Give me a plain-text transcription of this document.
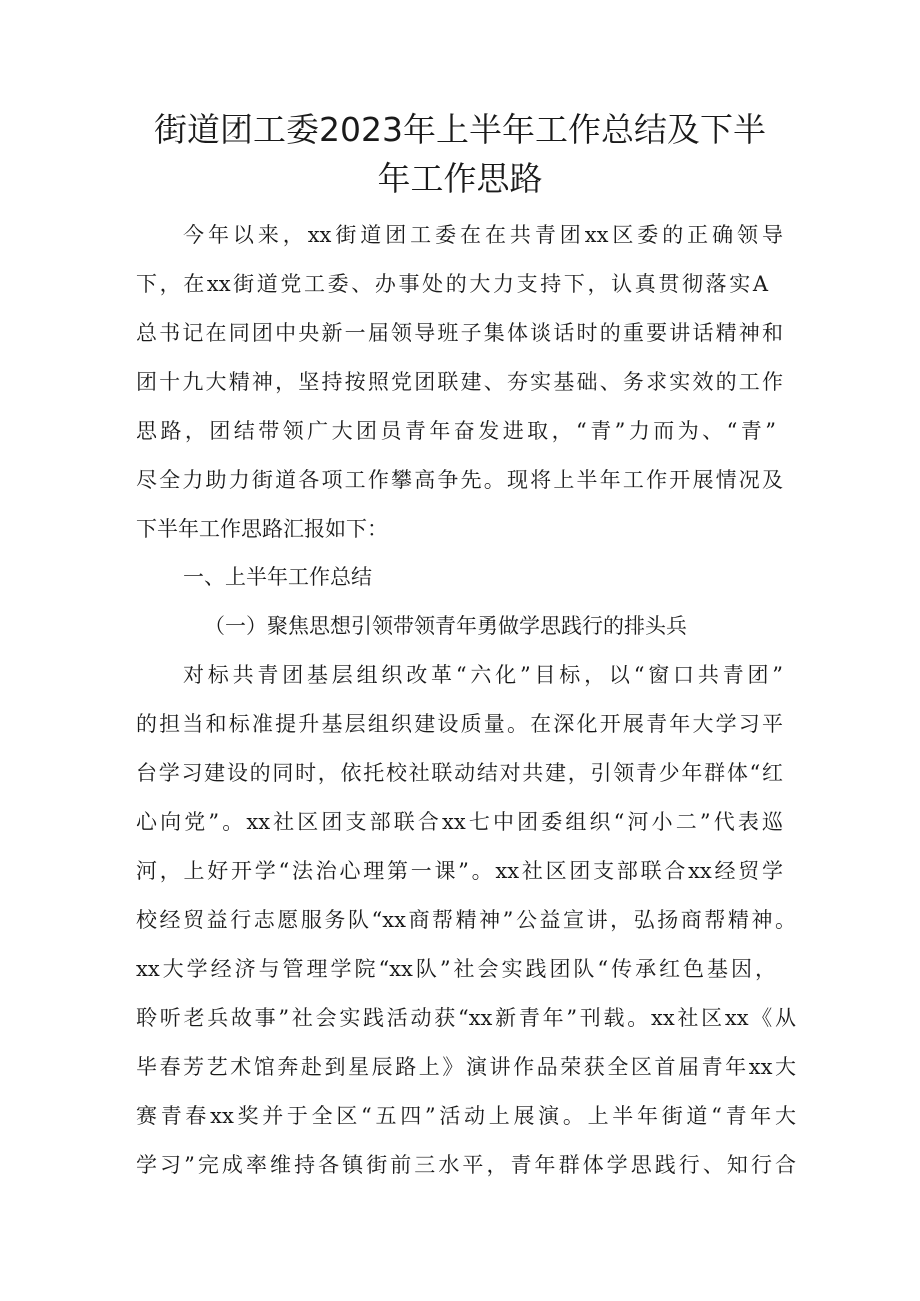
街道团工委2023年上半年工作总结及下半
年工作思路

今年以来，xx街道团工委在在共青团xx区委的正确领导

下，在xx街道党工委、办事处的大力支持下，认真贯彻落实A

总书记在同团中央新一届领导班子集体谈话时的重要讲话精神和

团十九大精神，坚持按照党团联建、夯实基础、务求实效的工作

思路，团结带领广大团员青年奋发进取，“青”力而为、“青”

尽全力助力街道各项工作攀高争先。现将上半年工作开展情况及

下半年工作思路汇报如下：

一、上半年工作总结

（一）聚焦思想引领带领青年勇做学思践行的排头兵

对标共青团基层组织改革“六化”目标，以“窗口共青团”

的担当和标准提升基层组织建设质量。在深化开展青年大学习平

台学习建设的同时，依托校社联动结对共建，引领青少年群体“红

心向党”。xx社区团支部联合xx七中团委组织“河小二”代表巡

河，上好开学“法治心理第一课”。xx社区团支部联合xx经贸学

校经贸益行志愿服务队“xx商帮精神”公益宣讲，弘扬商帮精神。

xx大学经济与管理学院“xx队”社会实践团队“传承红色基因，

聆听老兵故事”社会实践活动获“xx新青年”刊载。xx社区xx《从

毕春芳艺术馆奔赴到星辰路上》演讲作品荣获全区首届青年xx大

赛青春xx奖并于全区“五四”活动上展演。上半年街道“青年大

学习”完成率维持各镇街前三水平，青年群体学思践行、知行合
